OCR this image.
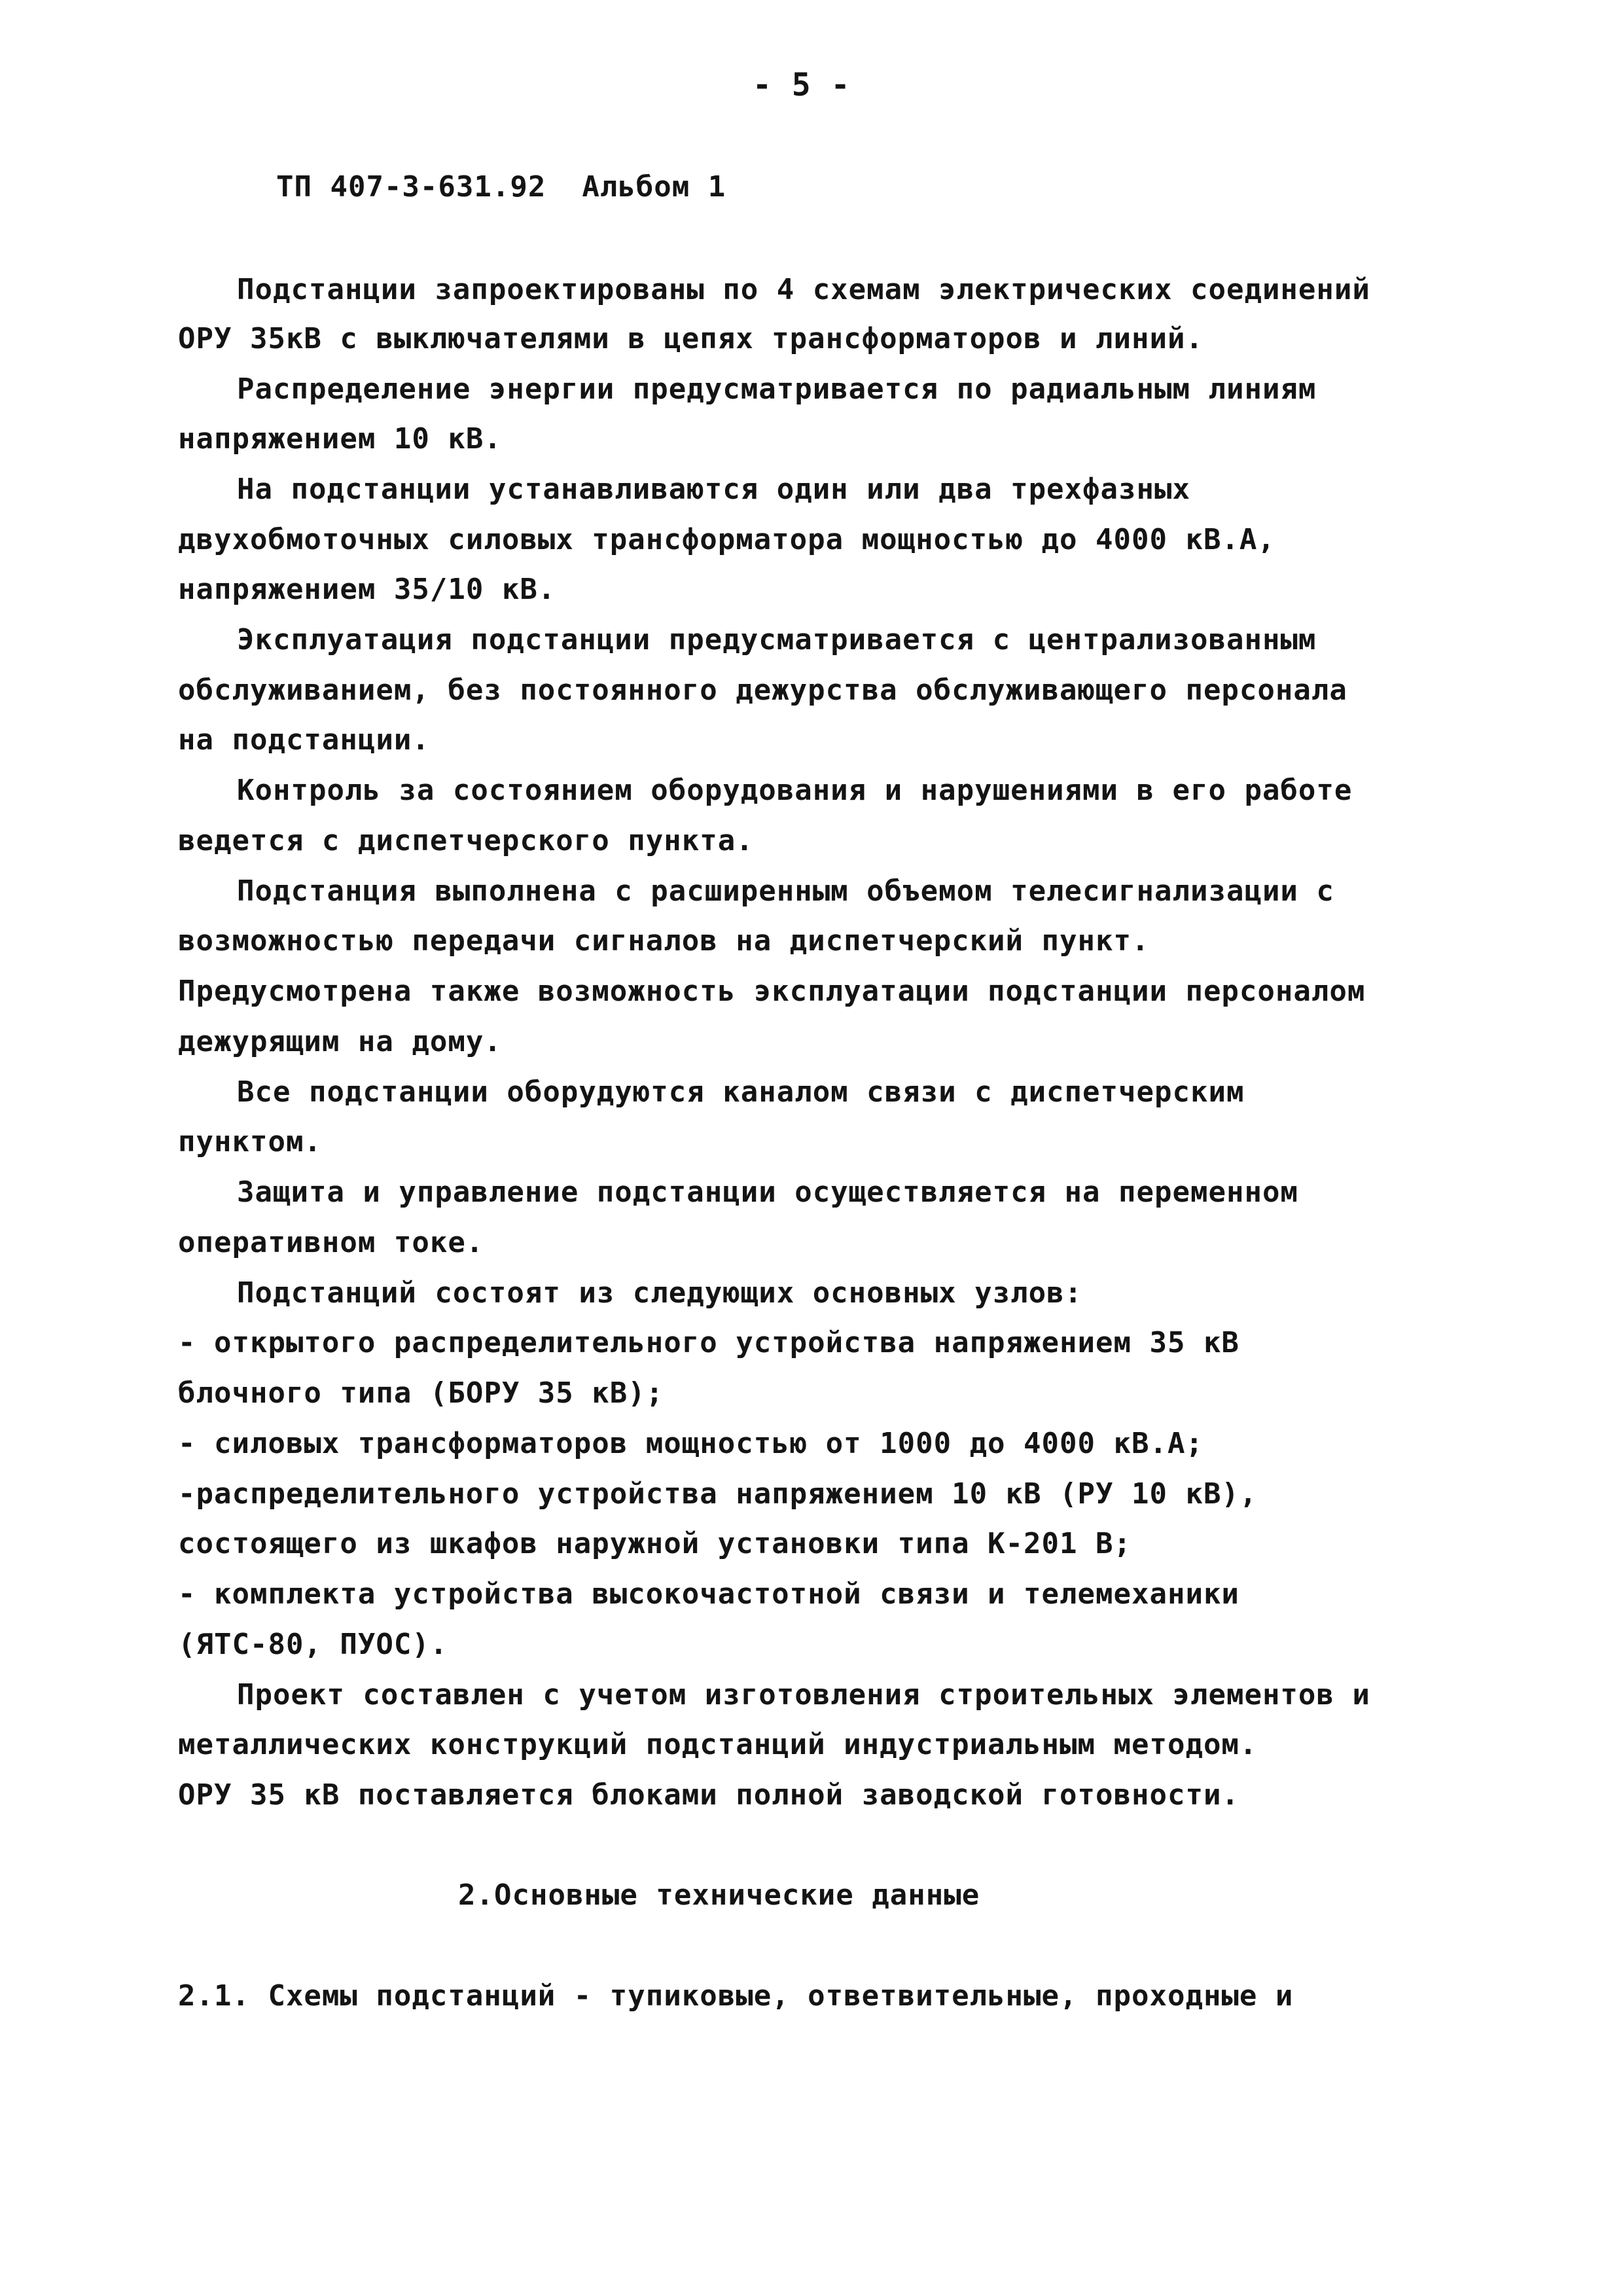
- 5 -
ТП 407-3-631.92  Альбом 1
Подстанции запроектированы по 4 схемам электрических соединений
ОРУ 35кВ с выключателями в цепях трансформаторов и линий.
Распределение энергии предусматривается по радиальным линиям
напряжением 10 кВ.
На подстанции устанавливаются один или два трехфазных
двухобмоточных силовых трансформатора мощностью до 4000 кВ.А,
напряжением 35/10 кВ.
Эксплуатация подстанции предусматривается с централизованным
обслуживанием, без постоянного дежурства обслуживающего персонала
на подстанции.
Контроль за состоянием оборудования и нарушениями в его работе
ведется с диспетчерского пункта.
Подстанция выполнена с расширенным объемом телесигнализации с
возможностью передачи сигналов на диспетчерский пункт.
Предусмотрена также возможность эксплуатации подстанции персоналом
дежурящим на дому.
Все подстанции оборудуются каналом связи с диспетчерским
пунктом.
Защита и управление подстанции осуществляется на переменном
оперативном токе.
Подстанций состоят из следующих основных узлов:
- открытого распределительного устройства напряжением 35 кВ
блочного типа (БОРУ 35 кВ);
- силовых трансформаторов мощностью от 1000 до 4000 кВ.А;
-распределительного устройства напряжением 10 кВ (РУ 10 кВ),
состоящего из шкафов наружной установки типа К-201 В;
- комплекта устройства высокочастотной связи и телемеханики
(ЯТС-80, ПУОС).
Проект составлен с учетом изготовления строительных элементов и
металлических конструкций подстанций индустриальным методом.
ОРУ 35 кВ поставляется блоками полной заводской готовности.
2.Основные технические данные
2.1. Схемы подстанций - тупиковые, ответвительные, проходные и
